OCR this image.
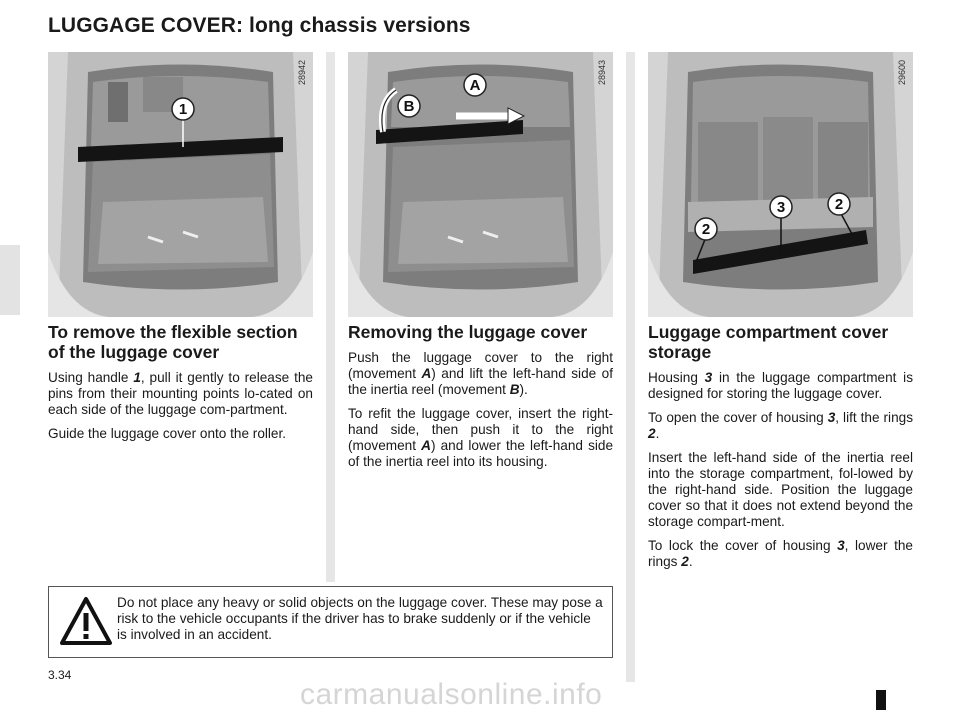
LUGGAGE COVER: long chassis versions
1
28942
A
B
28943
3	2
2
29600
To remove the flexible section of the luggage cover

Using handle 1, pull it gently to release the pins from their mounting points lo-cated on each side of the luggage com-partment.

Guide the luggage cover onto the roller.

Removing the luggage cover

Push the luggage cover to the right (movement A) and lift the left-hand side of the inertia reel (movement B).

To refit the luggage cover, insert the right-hand side, then push it to the right (movement A) and lower the left-hand side of the inertia reel into its housing.

Luggage compartment cover storage

Housing 3 in the luggage compartment is designed for storing the luggage cover.

To open the cover of housing 3, lift the rings 2.

Insert the left-hand side of the inertia reel into the storage compartment, fol-lowed by the right-hand side. Position the luggage cover so that it does not extend beyond the storage compart-ment.

To lock the cover of housing 3, lower the rings 2.

Do not place any heavy or solid objects on the luggage cover. These may pose a risk to the vehicle occupants if the driver has to brake suddenly or if the vehicle is involved in an accident.
3.34
carmanualsonline.info
